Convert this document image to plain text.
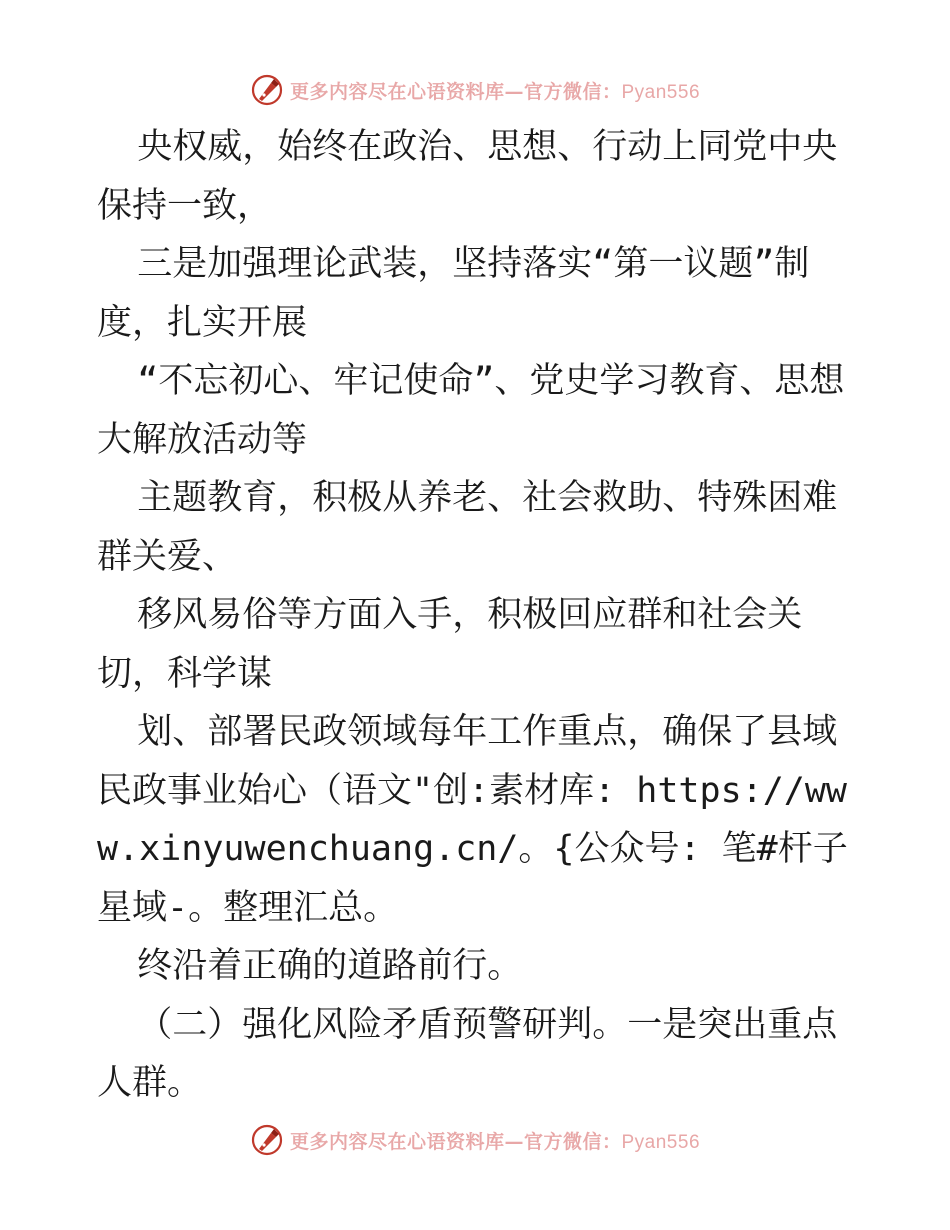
更多内容尽在心语资料库—官方微信：Pyan556

央权威，始终在政治、思想、行动上同党中央保持一致，

三是加强理论武装，坚持落实“第一议题”制度，扎实开展

“不忘初心、牢记使命”、党史学习教育、思想大解放活动等

主题教育，积极从养老、社会救助、特殊困难群关爱、

移风易俗等方面入手，积极回应群和社会关切，科学谋

划、部署民政领域每年工作重点，确保了县域民政事业始心（语文"创:素材库: https://www.xinyuwenchuang.cn/。{公众号: 笔#杆子星域-。整理汇总。

终沿着正确的道路前行。

（二）强化风险矛盾预警研判。一是突出重点人群。

更多内容尽在心语资料库—官方微信：Pyan556
